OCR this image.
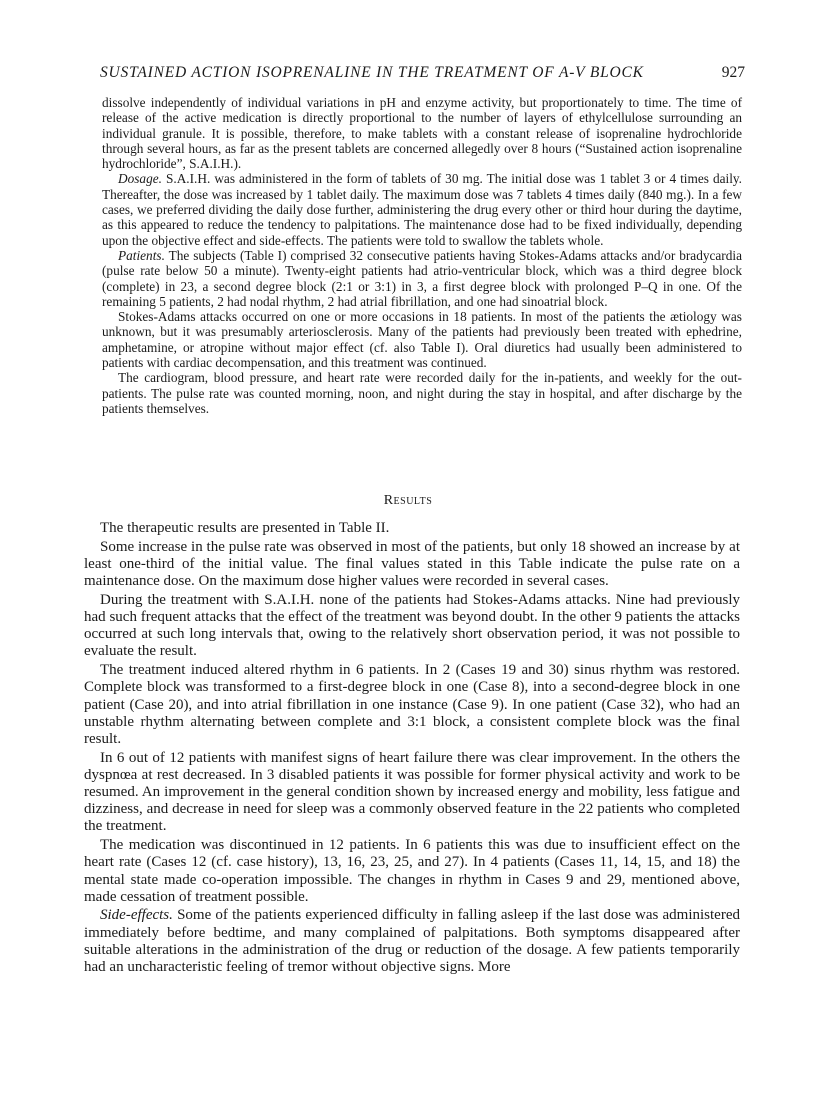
SUSTAINED ACTION ISOPRENALINE IN THE TREATMENT OF A-V BLOCK	927

dissolve independently of individual variations in pH and enzyme activity, but proportionately to time. The time of release of the active medication is directly proportional to the number of layers of ethylcellulose surrounding an individual granule. It is possible, therefore, to make tablets with a constant release of isoprenaline hydrochloride through several hours, as far as the present tablets are concerned allegedly over 8 hours (“Sustained action isoprenaline hydrochloride”, S.A.I.H.).

Dosage. S.A.I.H. was administered in the form of tablets of 30 mg. The initial dose was 1 tablet 3 or 4 times daily. Thereafter, the dose was increased by 1 tablet daily. The maximum dose was 7 tablets 4 times daily (840 mg.). In a few cases, we preferred dividing the daily dose further, administering the drug every other or third hour during the daytime, as this appeared to reduce the tendency to palpitations. The maintenance dose had to be fixed individually, depending upon the objective effect and side-effects. The patients were told to swallow the tablets whole.

Patients. The subjects (Table I) comprised 32 consecutive patients having Stokes-Adams attacks and/or bradycardia (pulse rate below 50 a minute). Twenty-eight patients had atrio-ventricular block, which was a third degree block (complete) in 23, a second degree block (2:1 or 3:1) in 3, a first degree block with prolonged P–Q in one. Of the remaining 5 patients, 2 had nodal rhythm, 2 had atrial fibrillation, and one had sinoatrial block.

Stokes-Adams attacks occurred on one or more occasions in 18 patients. In most of the patients the ætiology was unknown, but it was presumably arteriosclerosis. Many of the patients had previously been treated with ephedrine, amphetamine, or atropine without major effect (cf. also Table I). Oral diuretics had usually been administered to patients with cardiac decompensation, and this treatment was continued.

The cardiogram, blood pressure, and heart rate were recorded daily for the in-patients, and weekly for the out-patients. The pulse rate was counted morning, noon, and night during the stay in hospital, and after discharge by the patients themselves.

Results

The therapeutic results are presented in Table II.

Some increase in the pulse rate was observed in most of the patients, but only 18 showed an increase by at least one-third of the initial value. The final values stated in this Table indicate the pulse rate on a maintenance dose. On the maximum dose higher values were recorded in several cases.

During the treatment with S.A.I.H. none of the patients had Stokes-Adams attacks. Nine had previously had such frequent attacks that the effect of the treatment was beyond doubt. In the other 9 patients the attacks occurred at such long intervals that, owing to the relatively short observation period, it was not possible to evaluate the result.

The treatment induced altered rhythm in 6 patients. In 2 (Cases 19 and 30) sinus rhythm was restored. Complete block was transformed to a first-degree block in one (Case 8), into a second-degree block in one patient (Case 20), and into atrial fibrillation in one instance (Case 9). In one patient (Case 32), who had an unstable rhythm alternating between complete and 3:1 block, a consistent complete block was the final result.

In 6 out of 12 patients with manifest signs of heart failure there was clear improvement. In the others the dyspnœa at rest decreased. In 3 disabled patients it was possible for former physical activity and work to be resumed. An improvement in the general condition shown by increased energy and mobility, less fatigue and dizziness, and decrease in need for sleep was a commonly observed feature in the 22 patients who completed the treatment.

The medication was discontinued in 12 patients. In 6 patients this was due to insufficient effect on the heart rate (Cases 12 (cf. case history), 13, 16, 23, 25, and 27). In 4 patients (Cases 11, 14, 15, and 18) the mental state made co-operation impossible. The changes in rhythm in Cases 9 and 29, mentioned above, made cessation of treatment possible.

Side-effects. Some of the patients experienced difficulty in falling asleep if the last dose was administered immediately before bedtime, and many complained of palpitations. Both symptoms disappeared after suitable alterations in the administration of the drug or reduction of the dosage. A few patients temporarily had an uncharacteristic feeling of tremor without objective signs. More
